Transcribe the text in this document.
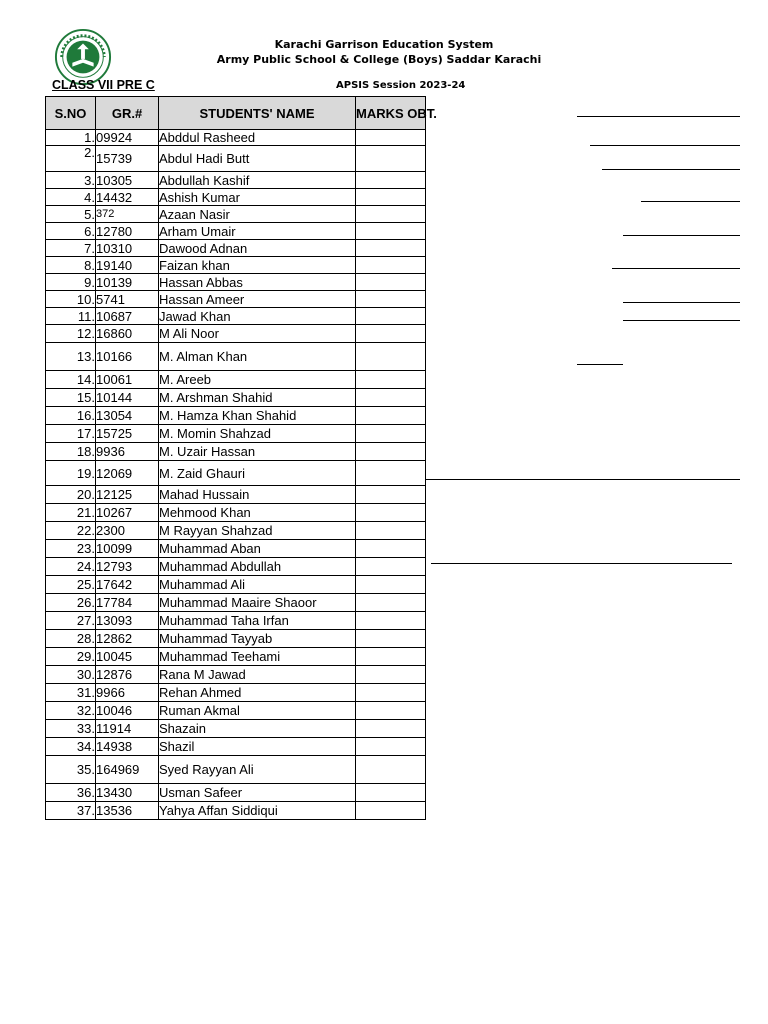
Karachi Garrison Education System
Army Public School & College (Boys) Saddar Karachi
CLASS VII PRE C	APSIS Session 2023-24
S.NO	GR.#	STUDENTS' NAME	MARKS OBT.
1.	09924	Abddul Rasheed	
2.	15739	Abdul Hadi Butt	
3.	10305	Abdullah Kashif	
4.	14432	Ashish Kumar	
5.	372	Azaan Nasir	
6.	12780	Arham Umair	
7.	10310	Dawood Adnan	
8.	19140	Faizan khan	
9.	10139	Hassan Abbas	
10.	5741	Hassan Ameer	
11.	10687	Jawad Khan	
12.	16860	M Ali Noor	
13.	10166	M. Alman Khan	
14.	10061	M. Areeb	
15.	10144	M. Arshman Shahid	
16.	13054	M. Hamza Khan Shahid	
17.	15725	M. Momin Shahzad	
18.	9936	M. Uzair Hassan	
19.	12069	M. Zaid Ghauri	
20.	12125	Mahad Hussain	
21.	10267	Mehmood Khan	
22.	2300	M Rayyan Shahzad	
23.	10099	Muhammad Aban	
24.	12793	Muhammad Abdullah	
25.	17642	Muhammad Ali	
26.	17784	Muhammad Maaire Shaoor	
27.	13093	Muhammad Taha Irfan	
28.	12862	Muhammad Tayyab	
29.	10045	Muhammad Teehami	
30.	12876	Rana M Jawad	
31.	9966	Rehan Ahmed	
32.	10046	Ruman Akmal	
33.	11914	Shazain	
34.	14938	Shazil	
35.	164969	Syed Rayyan Ali	
36.	13430	Usman Safeer	
37.	13536	Yahya Affan Siddiqui	
